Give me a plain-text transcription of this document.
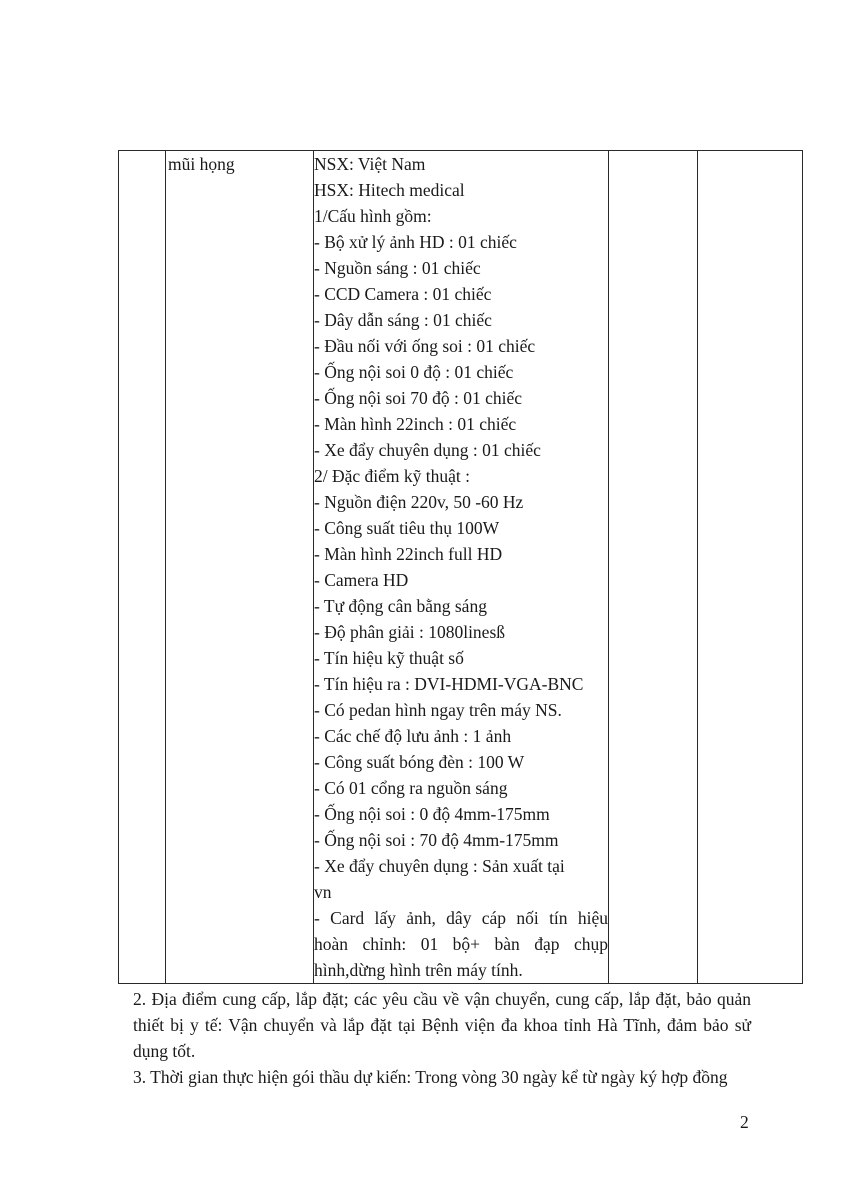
mũi họng	NSX: Việt Nam
HSX: Hitech medical
1/Cấu hình gồm:
- Bộ xử lý ảnh HD : 01 chiếc
- Nguồn sáng : 01 chiếc
- CCD Camera : 01 chiếc
- Dây dẫn sáng : 01 chiếc
- Đầu nối với ống soi : 01 chiếc
- Ống nội soi 0 độ : 01 chiếc
- Ống nội soi 70 độ : 01 chiếc
- Màn hình 22inch : 01 chiếc
- Xe đẩy chuyên dụng : 01 chiếc
2/ Đặc điểm kỹ thuật :
- Nguồn điện 220v, 50 -60 Hz
- Công suất tiêu thụ 100W
- Màn hình 22inch full HD
- Camera HD
- Tự động cân bằng sáng
- Độ phân giải : 1080linesß
- Tín hiệu kỹ thuật số
- Tín hiệu ra : DVI-HDMI-VGA-BNC
- Có pedan hình ngay trên máy NS.
- Các chế độ lưu ảnh : 1 ảnh
- Công suất bóng đèn : 100 W
- Có 01 cổng ra nguồn sáng
- Ống nội soi : 0 độ 4mm-175mm
- Ống nội soi : 70 độ 4mm-175mm
- Xe đẩy chuyên dụng : Sản xuất tại
vn
- Card lấy ảnh, dây cáp nối tín hiệu
hoàn chỉnh: 01 bộ+ bàn đạp chụp
hình,dừng hình trên máy tính.

2. Địa điểm cung cấp, lắp đặt; các yêu cầu về vận chuyển, cung cấp, lắp đặt, bảo quản thiết bị y tế: Vận chuyển và lắp đặt tại Bệnh viện đa khoa tỉnh Hà Tĩnh, đảm bảo sử dụng tốt.
3. Thời gian thực hiện gói thầu dự kiến: Trong vòng 30 ngày kể từ ngày ký hợp đồng
2
